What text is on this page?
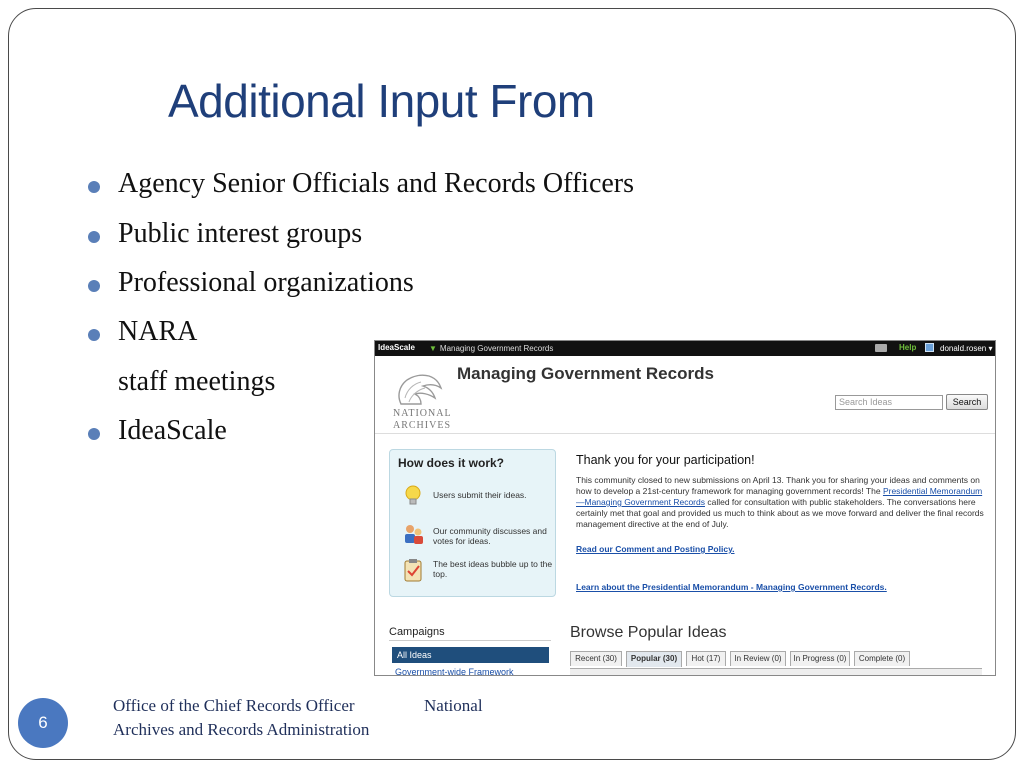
Additional Input From
Agency Senior Officials and Records Officers
Public interest groups
Professional organizations
NARA
IdeaScale
staff meetings
IdeaScale ▼ Managing Government Records	Help	donald.rosen ▾
NATIONAL
ARCHIVES
Managing Government Records
Search Ideas	Search
How does it work?
Users submit their ideas.
Our community discusses and votes for ideas.
The best ideas bubble up to the top.
Thank you for your participation!
This community closed to new submissions on April 13. Thank you for sharing your ideas and comments on how to develop a 21st-century framework for managing government records! The Presidential Memorandum—Managing Government Records called for consultation with public stakeholders. The conversations here certainly met that goal and provided us much to think about as we move forward and deliver the final records management directive at the end of July.
Read our Comment and Posting Policy.
Learn about the Presidential Memorandum - Managing Government Records.
Campaigns
All Ideas
Government-wide Framework
Browse Popular Ideas
Recent (30)	Popular (30)	Hot (17)	In Review (0)	In Progress (0)	Complete (0)
6
Office of the Chief Records Officer
Archives and Records Administration
National
